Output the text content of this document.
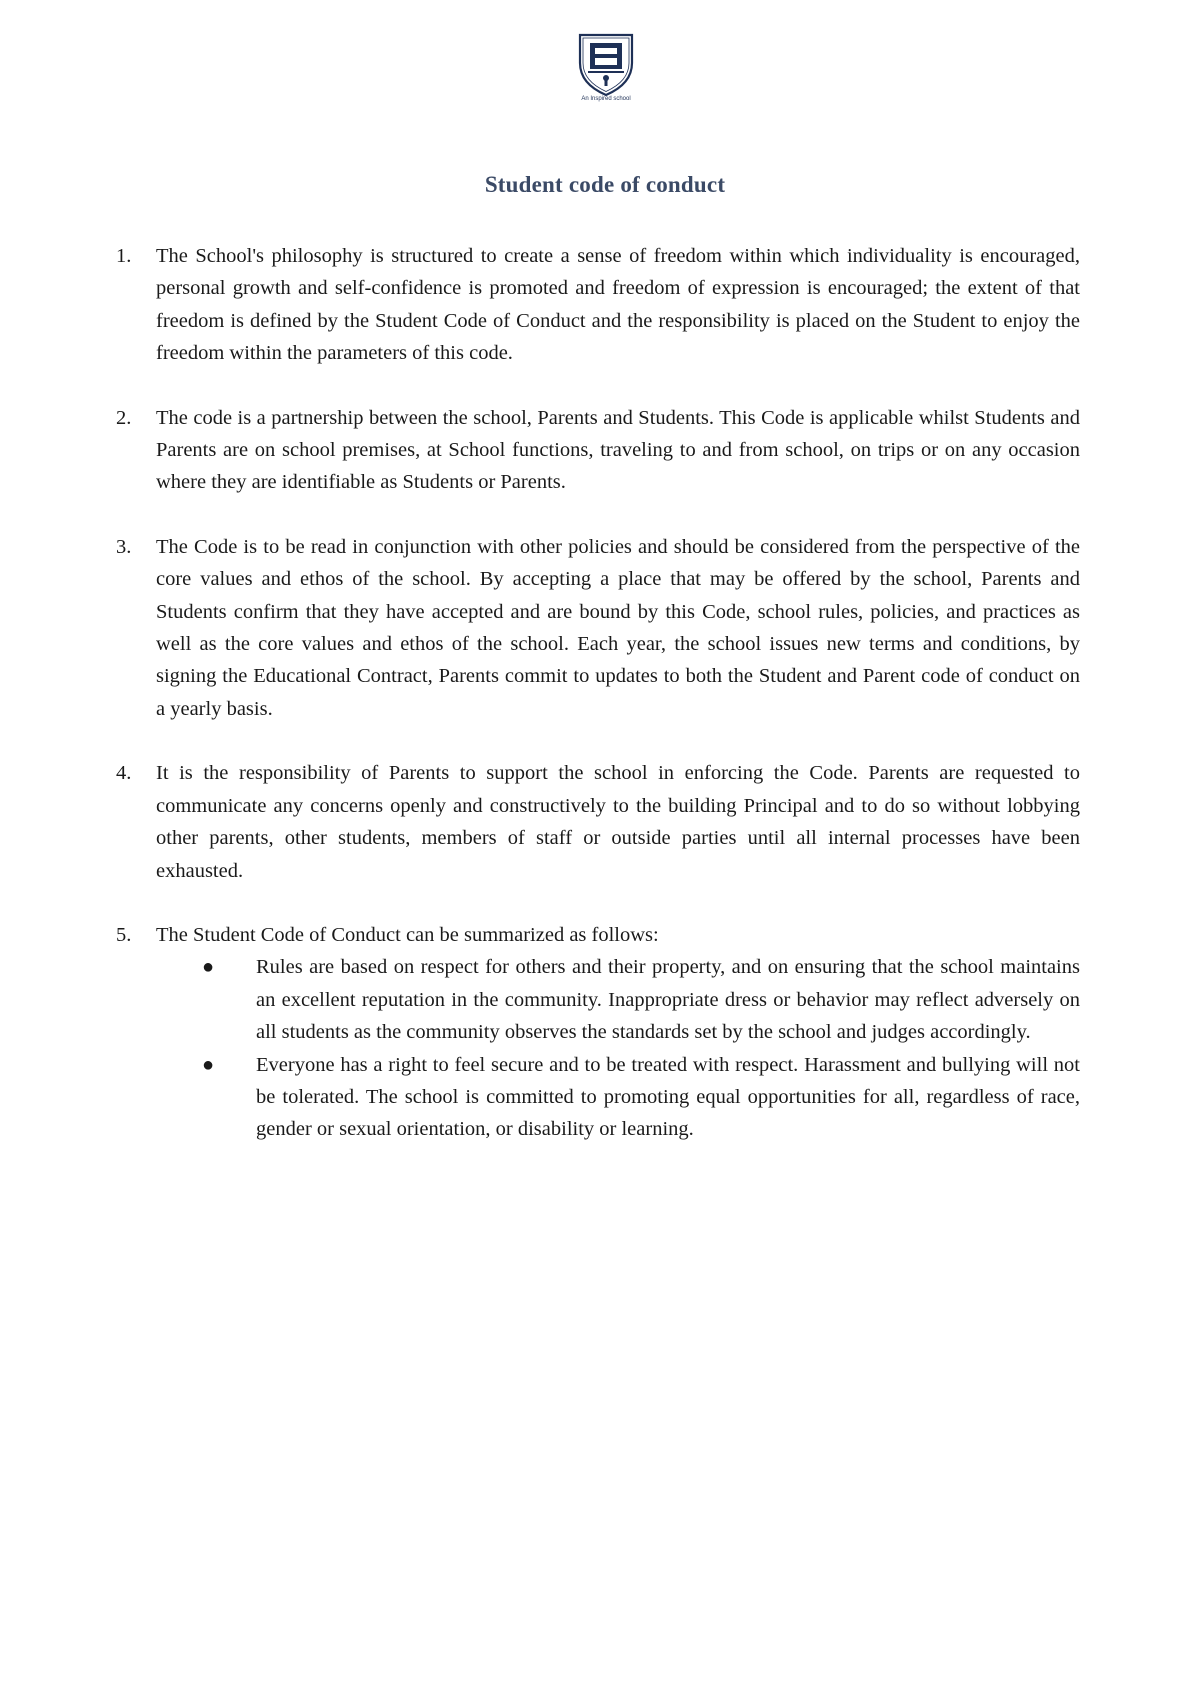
An Inspired school
Student code of conduct
1. The School's philosophy is structured to create a sense of freedom within which individuality is encouraged, personal growth and self-confidence is promoted and freedom of expression is encouraged; the extent of that freedom is defined by the Student Code of Conduct and the responsibility is placed on the Student to enjoy the freedom within the parameters of this code.
2. The code is a partnership between the school, Parents and Students. This Code is applicable whilst Students and Parents are on school premises, at School functions, traveling to and from school, on trips or on any occasion where they are identifiable as Students or Parents.
3. The Code is to be read in conjunction with other policies and should be considered from the perspective of the core values and ethos of the school. By accepting a place that may be offered by the school, Parents and Students confirm that they have accepted and are bound by this Code, school rules, policies, and practices as well as the core values and ethos of the school. Each year, the school issues new terms and conditions, by signing the Educational Contract, Parents commit to updates to both the Student and Parent code of conduct on a yearly basis.
4. It is the responsibility of Parents to support the school in enforcing the Code. Parents are requested to communicate any concerns openly and constructively to the building Principal and to do so without lobbying other parents, other students, members of staff or outside parties until all internal processes have been exhausted.
5. The Student Code of Conduct can be summarized as follows:
● Rules are based on respect for others and their property, and on ensuring that the school maintains an excellent reputation in the community. Inappropriate dress or behavior may reflect adversely on all students as the community observes the standards set by the school and judges accordingly.
● Everyone has a right to feel secure and to be treated with respect. Harassment and bullying will not be tolerated. The school is committed to promoting equal opportunities for all, regardless of race, gender or sexual orientation, or disability or learning.
